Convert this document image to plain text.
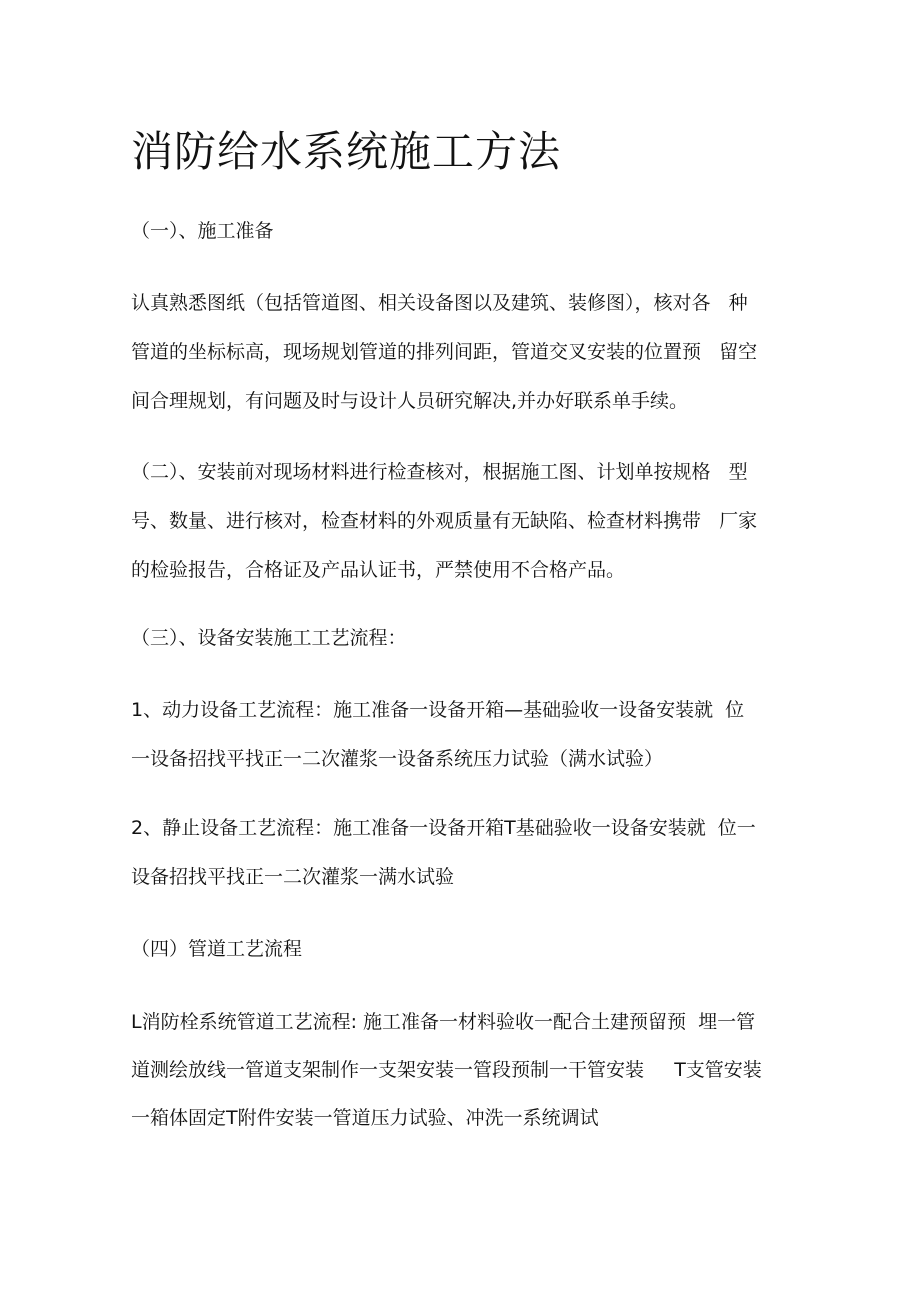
消防给水系统施工方法

（一）、施工准备

认真熟悉图纸（包括管道图、相关设备图以及建筑、装修图），核对各   种

管道的坐标标高，现场规划管道的排列间距，管道交叉安装的位置预   留空

间合理规划，有问题及时与设计人员研究解决,并办好联系单手续。

（二）、安装前对现场材料进行检查核对，根据施工图、计划单按规格   型

号、数量、进行核对，检查材料的外观质量有无缺陷、检查材料携带   厂家

的检验报告，合格证及产品认证书，严禁使用不合格产品。

（三）、设备安装施工工艺流程：

1、动力设备工艺流程：施工准备一设备开箱—基础验收一设备安装就  位

一设备招找平找正一二次灌浆一设备系统压力试验（满水试验）

2、静止设备工艺流程：施工准备一设备开箱T基础验收一设备安装就  位一

设备招找平找正一二次灌浆一满水试验

（四）管道工艺流程

L消防栓系统管道工艺流程: 施工准备一材料验收一配合土建预留预  埋一管

道测绘放线一管道支架制作一支架安装一管段预制一干管安装     T支管安装

一箱体固定T附件安装一管道压力试验、冲洗一系统调试
